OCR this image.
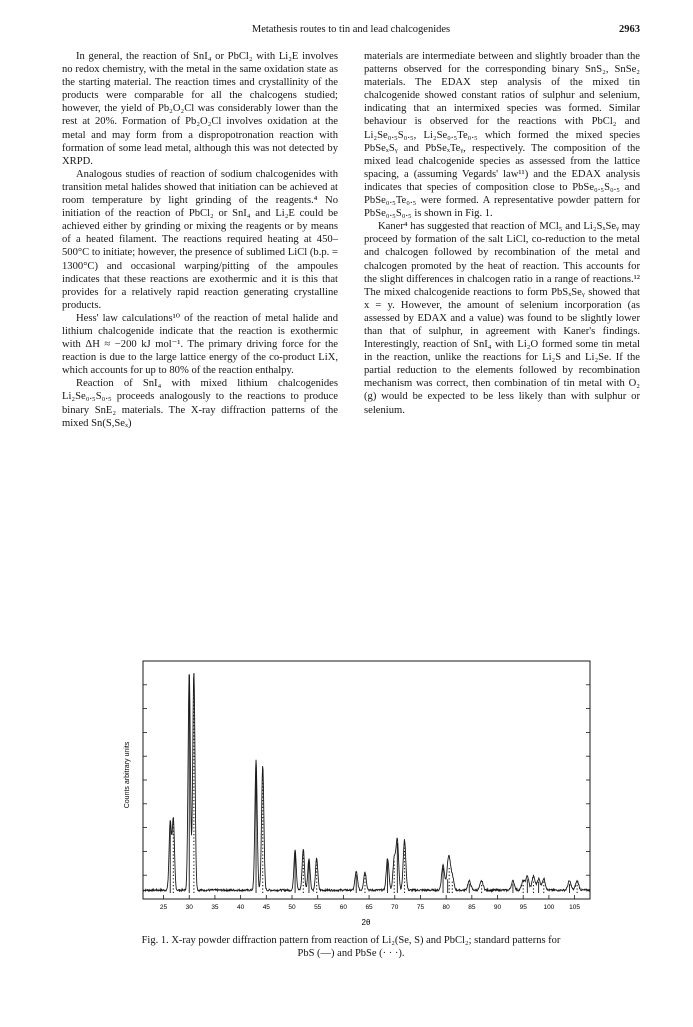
Metathesis routes to tin and lead chalcogenides	2963

In general, the reaction of SnI₄ or PbCl₂ with Li₂E involves no redox chemistry, with the metal in the same oxidation state as the starting material. The reaction times and crystallinity of the products were comparable for all the chalcogens studied; however, the yield of Pb₂O₂Cl was considerably lower than the rest at 20%. Formation of Pb₂O₂Cl involves oxidation at the metal and may form from a dispropotronation reaction with formation of some lead metal, although this was not detected by XRPD.

Analogous studies of reaction of sodium chalcogenides with transition metal halides showed that initiation can be achieved at room temperature by light grinding of the reagents.⁴ No initiation of the reaction of PbCl₂ or SnI₄ and Li₂E could be achieved either by grinding or mixing the reagents or by means of a heated filament. The reactions required heating at 450–500°C to initiate; however, the presence of sublimed LiCl (b.p. = 1300°C) and occasional warping/pitting of the ampoules indicates that these reactions are exothermic and it is this that provides for a relatively rapid reaction generating crystalline products.

Hess' law calculations¹⁰ of the reaction of metal halide and lithium chalcogenide indicate that the reaction is exothermic with ΔH ≈ −200 kJ mol⁻¹. The primary driving force for the reaction is due to the large lattice energy of the co-product LiX, which accounts for up to 80% of the reaction enthalpy.

Reaction of SnI₄ with mixed lithium chalcogenides Li₂Se₀.₅S₀.₅ proceeds analogously to the reactions to produce binary SnE₂ materials. The X-ray diffraction patterns of the mixed Sn(S,Seₓ)

materials are intermediate between and slightly broader than the patterns observed for the corresponding binary SnS₂, SnSe₂ materials. The EDAX step analysis of the mixed tin chalcogenide showed constant ratios of sulphur and selenium, indicating that an intermixed species was formed. Similar behaviour is observed for the reactions with PbCl₂ and Li₂Se₀.₅S₀.₅, Li₂Se₀.₅Te₀.₅ which formed the mixed species PbSeₓSᵧ and PbSeₓTeᵧ, respectively. The composition of the mixed lead chalcogenide species as assessed from the lattice spacing, a (assuming Vegards' law¹¹) and the EDAX analysis indicates that species of composition close to PbSe₀.₅S₀.₅ and PbSe₀.₅Te₀.₅ were formed. A representative powder pattern for PbSe₀.₅S₀.₅ is shown in Fig. 1.

Kaner⁴ has suggested that reaction of MCl₅ and Li₂SₓSeᵧ may proceed by formation of the salt LiCl, co-reduction to the metal and chalcogen followed by recombination of the metal and chalcogen promoted by the heat of reaction. This accounts for the slight differences in chalcogen ratio in a range of reactions.¹² The mixed chalcogenide reactions to form PbSₓSeᵧ showed that x = y. However, the amount of selenium incorporation (as assessed by EDAX and a value) was found to be slightly lower than that of sulphur, in agreement with Kaner's findings. Interestingly, reaction of SnI₄ with Li₂O formed some tin metal in the reaction, unlike the reactions for Li₂S and Li₂Se. If the partial reduction to the elements followed by recombination mechanism was correct, then combination of tin metal with O₂ (g) would be expected to be less likely than with sulphur or selenium.

25	30	35	40	45	50	55	60	65	70	75	80	85	90	95	100 105
2θ
Counts arbitrary units
Fig. 1. X-ray powder diffraction pattern from reaction of Li₂(Se, S) and PbCl₂; standard patterns for
PbS (—) and PbSe (· · ·).
